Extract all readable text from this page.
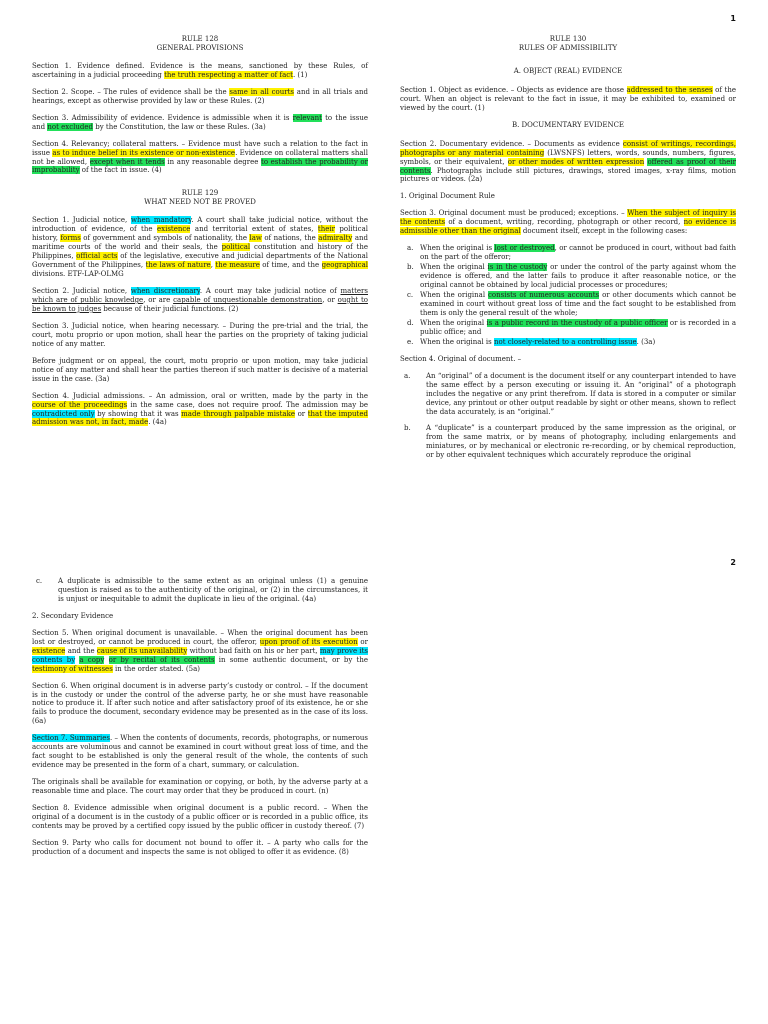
1
RULE 128
GENERAL PROVISIONS

Section 1. Evidence defined. Evidence is the means, sanctioned by these Rules, of ascertaining in a judicial proceeding the truth respecting a matter of fact. (1)

Section 2. Scope. – The rules of evidence shall be the same in all courts and in all trials and hearings, except as otherwise provided by law or these Rules. (2)

Section 3. Admissibility of evidence. Evidence is admissible when it is relevant to the issue and not excluded by the Constitution, the law or these Rules. (3a)

Section 4. Relevancy; collateral matters. – Evidence must have such a relation to the fact in issue as to induce belief in its existence or non-existence. Evidence on collateral matters shall not be allowed, except when it tends in any reasonable degree to establish the probability or improbability of the fact in issue. (4)

RULE 129
WHAT NEED NOT BE PROVED

Section 1. Judicial notice, when mandatory. A court shall take judicial notice, without the introduction of evidence, of the existence and territorial extent of states, their political history, forms of government and symbols of nationality, the law of nations, the admiralty and maritime courts of the world and their seals, the political constitution and history of the Philippines, official acts of the legislative, executive and judicial departments of the National Government of the Philippines, the laws of nature, the measure of time, and the geographical divisions. ETF-LAP-OLMG

Section 2. Judicial notice, when discretionary. A court may take judicial notice of matters which are of public knowledge, or are capable of unquestionable demonstration, or ought to be known to judges because of their judicial functions. (2)

Section 3. Judicial notice, when hearing necessary. – During the pre-trial and the trial, the court, motu proprio or upon motion, shall hear the parties on the propriety of taking judicial notice of any matter.

Before judgment or on appeal, the court, motu proprio or upon motion, may take judicial notice of any matter and shall hear the parties thereon if such matter is decisive of a material issue in the case. (3a)

Section 4. Judicial admissions. – An admission, oral or written, made by the party in the course of the proceedings in the same case, does not require proof. The admission may be contradicted only by showing that it was made through palpable mistake or that the imputed admission was not, in fact, made. (4a)

RULE 130
RULES OF ADMISSIBILITY
A. OBJECT (REAL) EVIDENCE

Section 1. Object as evidence. – Objects as evidence are those addressed to the senses of the court. When an object is relevant to the fact in issue, it may be exhibited to, examined or viewed by the court. (1)

B. DOCUMENTARY EVIDENCE

Section 2. Documentary evidence. – Documents as evidence consist of writings, recordings, photographs or any material containing (LWSNFS) letters, words, sounds, numbers, figures, symbols, or their equivalent, or other modes of written expression offered as proof of their contents. Photographs include still pictures, drawings, stored images, x-ray films, motion pictures or videos. (2a)

1. Original Document Rule

Section 3. Original document must be produced; exceptions. – When the subject of inquiry is the contents of a document, writing, recording, photograph or other record, no evidence is admissible other than the original document itself, except in the following cases:

a. When the original is lost or destroyed, or cannot be produced in court, without bad faith on the part of the offeror;
b. When the original is in the custody or under the control of the party against whom the evidence is offered, and the latter fails to produce it after reasonable notice, or the original cannot be obtained by local judicial processes or procedures;
c. When the original consists of numerous accounts or other documents which cannot be examined in court without great loss of time and the fact sought to be established from them is only the general result of the whole;
d. When the original is a public record in the custody of a public officer or is recorded in a public office; and
e. When the original is not closely-related to a controlling issue. (3a)

Section 4. Original of document. –

a. An “original” of a document is the document itself or any counterpart intended to have the same effect by a person executing or issuing it. An “original” of a photograph includes the negative or any print therefrom. If data is stored in a computer or similar device, any printout or other output readable by sight or other means, shown to reflect the data accurately, is an “original.”
b. A “duplicate” is a counterpart produced by the same impression as the original, or from the same matrix, or by means of photography, including enlargements and miniatures, or by mechanical or electronic re-recording, or by chemical reproduction, or by other equivalent techniques which accurately reproduce the original
2
c. A duplicate is admissible to the same extent as an original unless (1) a genuine question is raised as to the authenticity of the original, or (2) in the circumstances, it is unjust or inequitable to admit the duplicate in lieu of the original. (4a)

2. Secondary Evidence

Section 5. When original document is unavailable. – When the original document has been lost or destroyed, or cannot be produced in court, the offeror, upon proof of its execution or existence and the cause of its unavailability without bad faith on his or her part, may prove its contents by a copy or by recital of its contents in some authentic document, or by the testimony of witnesses in the order stated. (5a)

Section 6. When original document is in adverse party’s custody or control. – If the document is in the custody or under the control of the adverse party, he or she must have reasonable notice to produce it. If after such notice and after satisfactory proof of its existence, he or she fails to produce the document, secondary evidence may be presented as in the case of its loss. (6a)

Section 7. Summaries. – When the contents of documents, records, photographs, or numerous accounts are voluminous and cannot be examined in court without great loss of time, and the fact sought to be established is only the general result of the whole, the contents of such evidence may be presented in the form of a chart, summary, or calculation.

The originals shall be available for examination or copying, or both, by the adverse party at a reasonable time and place. The court may order that they be produced in court. (n)

Section 8. Evidence admissible when original document is a public record. – When the original of a document is in the custody of a public officer or is recorded in a public office, its contents may be proved by a certified copy issued by the public officer in custody thereof. (7)

Section 9. Party who calls for document not bound to offer it. – A party who calls for the production of a document and inspects the same is not obliged to offer it as evidence. (8)
